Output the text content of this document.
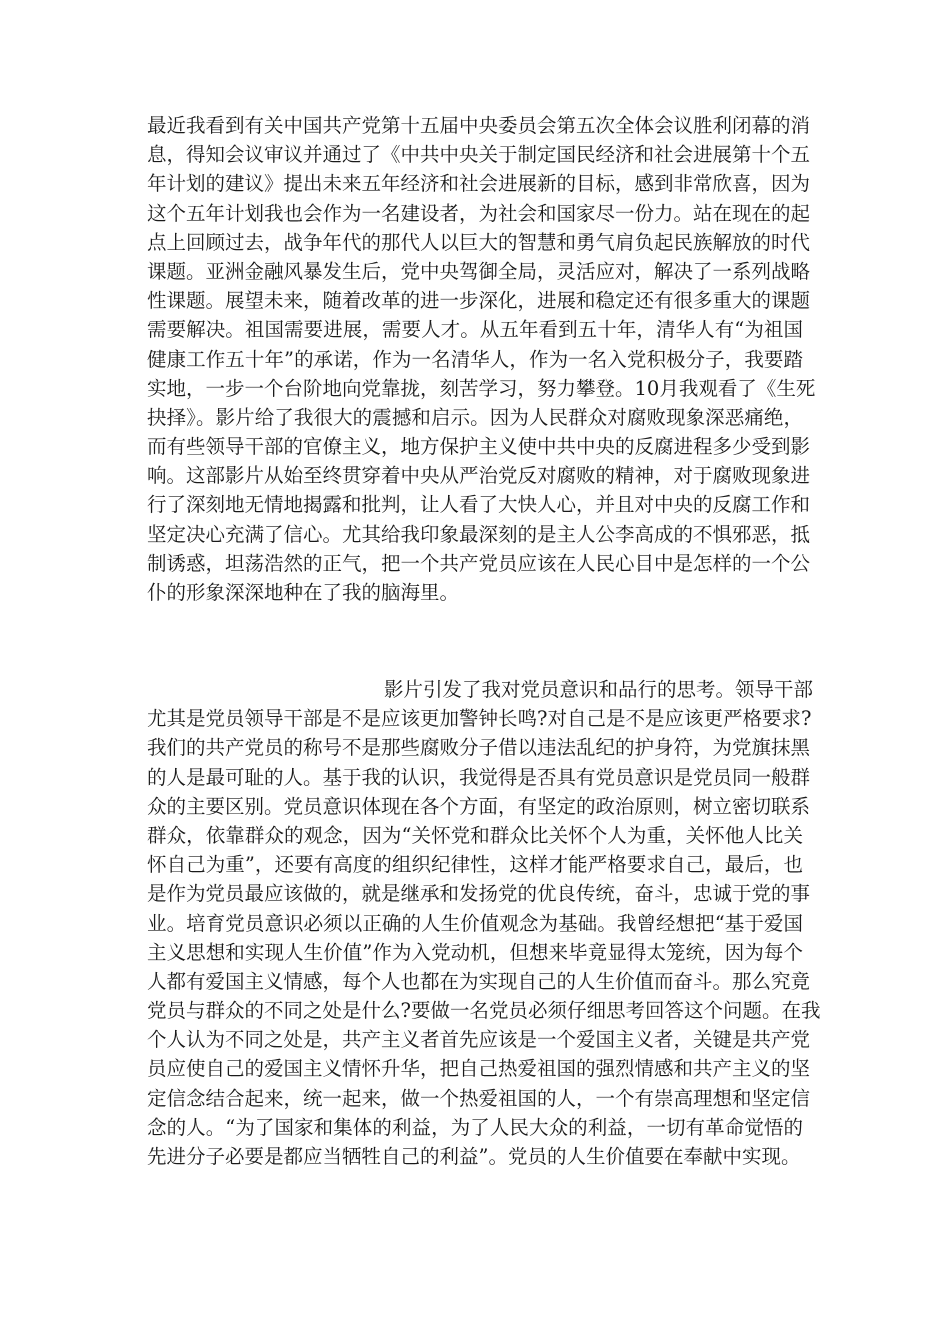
最近我看到有关中国共产党第十五届中央委员会第五次全体会议胜利闭幕的消
息，得知会议审议并通过了《中共中央关于制定国民经济和社会进展第十个五
年计划的建议》提出未来五年经济和社会进展新的目标，感到非常欣喜，因为
这个五年计划我也会作为一名建设者，为社会和国家尽一份力。站在现在的起
点上回顾过去，战争年代的那代人以巨大的智慧和勇气肩负起民族解放的时代
课题。亚洲金融风暴发生后，党中央驾御全局，灵活应对，解决了一系列战略
性课题。展望未来，随着改革的进一步深化，进展和稳定还有很多重大的课题
需要解决。祖国需要进展，需要人才。从五年看到五十年，清华人有“为祖国
健康工作五十年”的承诺，作为一名清华人，作为一名入党积极分子，我要踏
实地，一步一个台阶地向党靠拢，刻苦学习，努力攀登。10月我观看了《生死
抉择》。影片给了我很大的震撼和启示。因为人民群众对腐败现象深恶痛绝，
而有些领导干部的官僚主义，地方保护主义使中共中央的反腐进程多少受到影
响。这部影片从始至终贯穿着中央从严治党反对腐败的精神，对于腐败现象进
行了深刻地无情地揭露和批判，让人看了大快人心，并且对中央的反腐工作和
坚定决心充满了信心。尤其给我印象最深刻的是主人公李高成的不惧邪恶，抵
制诱惑，坦荡浩然的正气，把一个共产党员应该在人民心目中是怎样的一个公
仆的形象深深地种在了我的脑海里。
影片引发了我对党员意识和品行的思考。领导干部
尤其是党员领导干部是不是应该更加警钟长鸣?对自己是不是应该更严格要求?
我们的共产党员的称号不是那些腐败分子借以违法乱纪的护身符，为党旗抹黑
的人是最可耻的人。基于我的认识，我觉得是否具有党员意识是党员同一般群
众的主要区别。党员意识体现在各个方面，有坚定的政治原则，树立密切联系
群众，依靠群众的观念，因为“关怀党和群众比关怀个人为重，关怀他人比关
怀自己为重”，还要有高度的组织纪律性，这样才能严格要求自己，最后，也
是作为党员最应该做的，就是继承和发扬党的优良传统，奋斗，忠诚于党的事
业。培育党员意识必须以正确的人生价值观念为基础。我曾经想把“基于爱国
主义思想和实现人生价值”作为入党动机，但想来毕竟显得太笼统，因为每个
人都有爱国主义情感，每个人也都在为实现自己的人生价值而奋斗。那么究竟
党员与群众的不同之处是什么?要做一名党员必须仔细思考回答这个问题。在我
个人认为不同之处是，共产主义者首先应该是一个爱国主义者，关键是共产党
员应使自己的爱国主义情怀升华，把自己热爱祖国的强烈情感和共产主义的坚
定信念结合起来，统一起来，做一个热爱祖国的人，一个有崇高理想和坚定信
念的人。“为了国家和集体的利益，为了人民大众的利益，一切有革命觉悟的
先进分子必要是都应当牺牲自己的利益”。党员的人生价值要在奉献中实现。
